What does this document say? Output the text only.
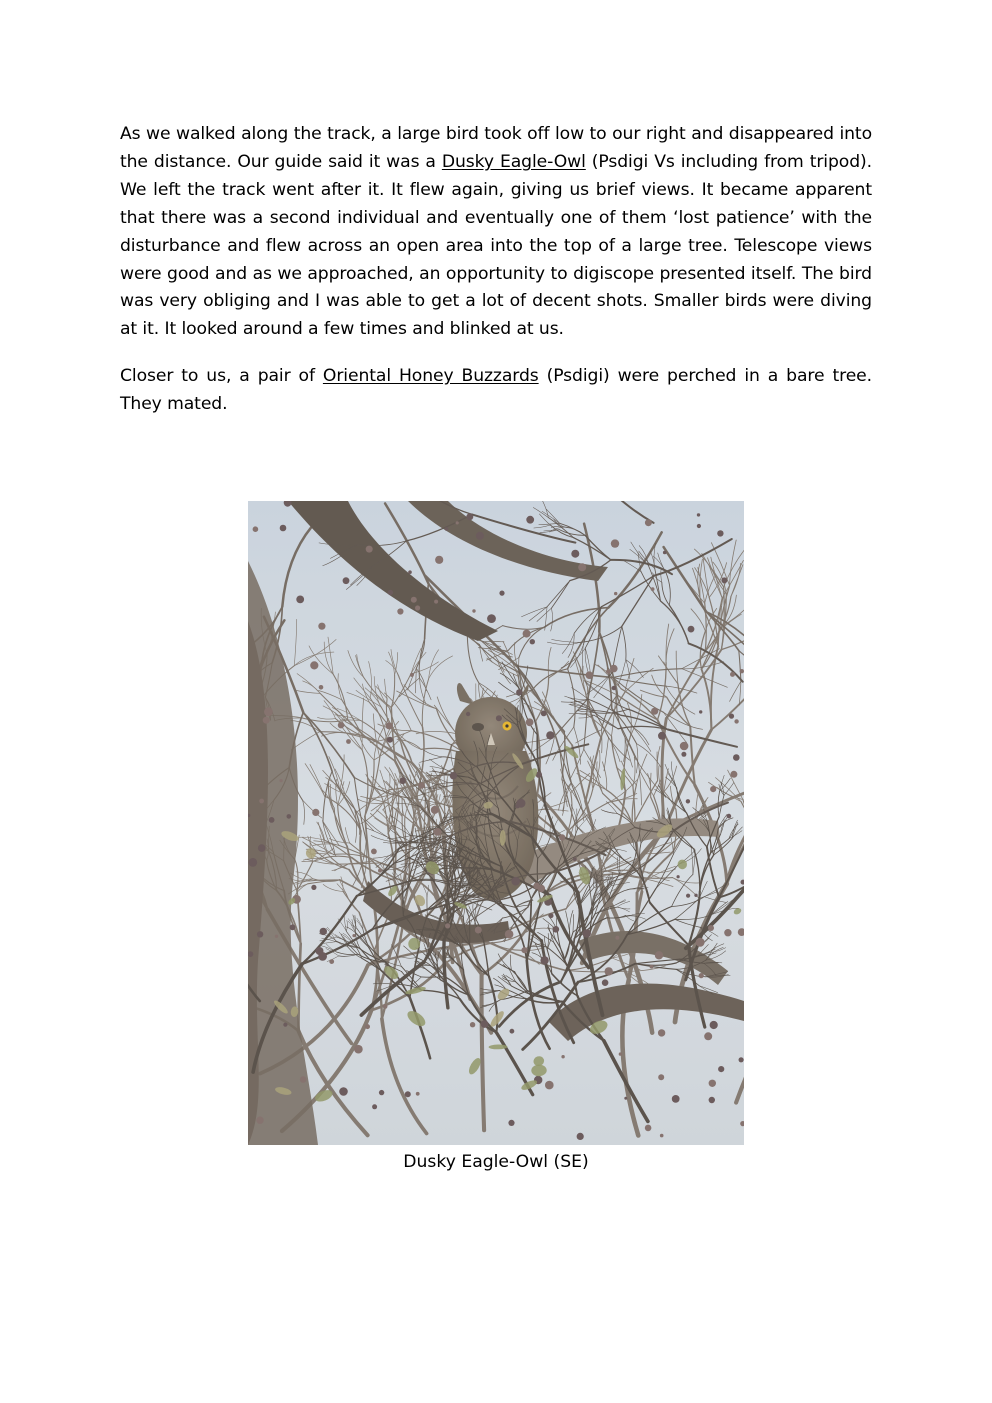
As we walked along the track, a large bird took off low to our right and disappeared into the distance. Our guide said it was a Dusky Eagle-Owl (Psdigi Vs including from tripod). We left the track went after it. It flew again, giving us brief views. It became apparent that there was a second individual and eventually one of them ‘lost patience’ with the disturbance and flew across an open area into the top of a large tree. Telescope views were good and as we approached, an opportunity to digiscope presented itself. The bird was very obliging and I was able to get a lot of decent shots. Smaller birds were diving at it. It looked around a few times and blinked at us.

Closer to us, a pair of Oriental Honey Buzzards (Psdigi) were perched in a bare tree. They mated.

Dusky Eagle-Owl (SE)
